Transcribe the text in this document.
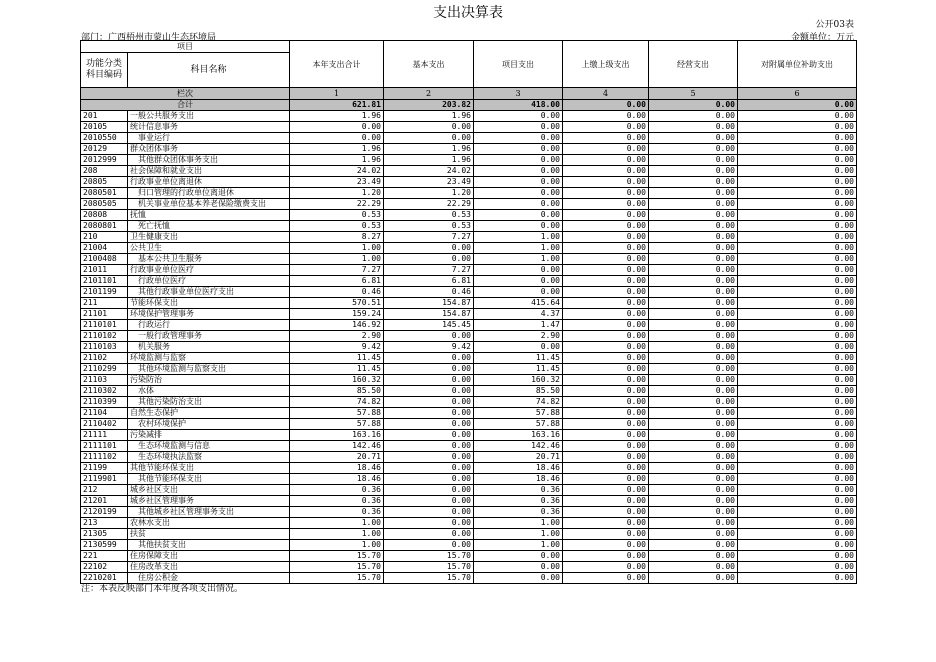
支出决算表
公开03表
部门：广西梧州市蒙山生态环境局	金额单位：万元
项目		本年支出合计	基本支出	项目支出	上缴上级支出	经营支出	对附属单位补助支出
功能分类科目编码	科目名称						

栏次		1	2	3	4	5	6
合计		621.81	203.82	418.00	0.00	0.00	0.00
201	一般公共服务支出	1.96	1.96	0.00	0.00	0.00	0.00
20105	统计信息事务	0.00	0.00	0.00	0.00	0.00	0.00
2010550	　事业运行	0.00	0.00	0.00	0.00	0.00	0.00
20129	群众团体事务	1.96	1.96	0.00	0.00	0.00	0.00
2012999	　其他群众团体事务支出	1.96	1.96	0.00	0.00	0.00	0.00
208	社会保障和就业支出	24.02	24.02	0.00	0.00	0.00	0.00
20805	行政事业单位离退休	23.49	23.49	0.00	0.00	0.00	0.00
2080501	　归口管理的行政单位离退休	1.20	1.20	0.00	0.00	0.00	0.00
2080505	　机关事业单位基本养老保险缴费支出	22.29	22.29	0.00	0.00	0.00	0.00
20808	抚恤	0.53	0.53	0.00	0.00	0.00	0.00
2080801	　死亡抚恤	0.53	0.53	0.00	0.00	0.00	0.00
210	卫生健康支出	8.27	7.27	1.00	0.00	0.00	0.00
21004	公共卫生	1.00	0.00	1.00	0.00	0.00	0.00
2100408	　基本公共卫生服务	1.00	0.00	1.00	0.00	0.00	0.00
21011	行政事业单位医疗	7.27	7.27	0.00	0.00	0.00	0.00
2101101	　行政单位医疗	6.81	6.81	0.00	0.00	0.00	0.00
2101199	　其他行政事业单位医疗支出	0.46	0.46	0.00	0.00	0.00	0.00
211	节能环保支出	570.51	154.87	415.64	0.00	0.00	0.00
21101	环境保护管理事务	159.24	154.87	4.37	0.00	0.00	0.00
2110101	　行政运行	146.92	145.45	1.47	0.00	0.00	0.00
2110102	　一般行政管理事务	2.90	0.00	2.90	0.00	0.00	0.00
2110103	　机关服务	9.42	9.42	0.00	0.00	0.00	0.00
21102	环境监测与监察	11.45	0.00	11.45	0.00	0.00	0.00
2110299	　其他环境监测与监察支出	11.45	0.00	11.45	0.00	0.00	0.00
21103	污染防治	160.32	0.00	160.32	0.00	0.00	0.00
2110302	　水体	85.50	0.00	85.50	0.00	0.00	0.00
2110399	　其他污染防治支出	74.82	0.00	74.82	0.00	0.00	0.00
21104	自然生态保护	57.88	0.00	57.88	0.00	0.00	0.00
2110402	　农村环境保护	57.88	0.00	57.88	0.00	0.00	0.00
21111	污染减排	163.16	0.00	163.16	0.00	0.00	0.00
2111101	　生态环境监测与信息	142.46	0.00	142.46	0.00	0.00	0.00
2111102	　生态环境执法监察	20.71	0.00	20.71	0.00	0.00	0.00
21199	其他节能环保支出	18.46	0.00	18.46	0.00	0.00	0.00
2119901	　其他节能环保支出	18.46	0.00	18.46	0.00	0.00	0.00
212	城乡社区支出	0.36	0.00	0.36	0.00	0.00	0.00
21201	城乡社区管理事务	0.36	0.00	0.36	0.00	0.00	0.00
2120199	　其他城乡社区管理事务支出	0.36	0.00	0.36	0.00	0.00	0.00
213	农林水支出	1.00	0.00	1.00	0.00	0.00	0.00
21305	扶贫	1.00	0.00	1.00	0.00	0.00	0.00
2130599	　其他扶贫支出	1.00	0.00	1.00	0.00	0.00	0.00
221	住房保障支出	15.70	15.70	0.00	0.00	0.00	0.00
22102	住房改革支出	15.70	15.70	0.00	0.00	0.00	0.00
2210201	　住房公积金	15.70	15.70	0.00	0.00	0.00	0.00
注：本表反映部门本年度各项支出情况。
